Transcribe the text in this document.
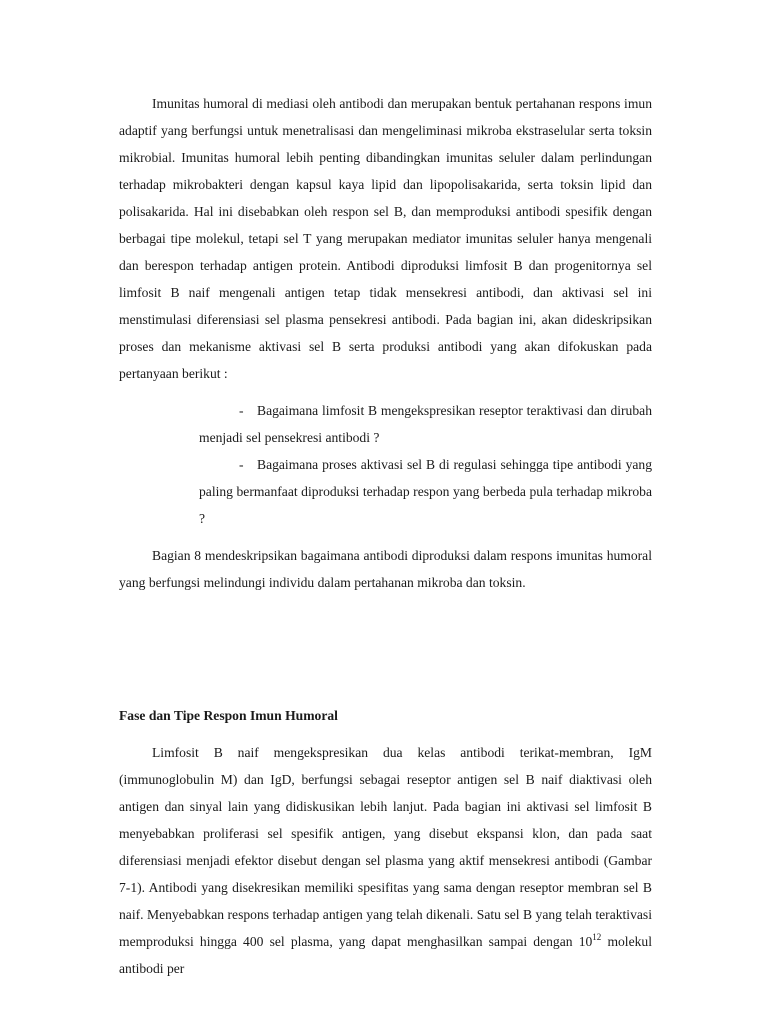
Imunitas humoral di mediasi oleh antibodi dan merupakan bentuk pertahanan respons imun adaptif yang berfungsi untuk menetralisasi dan mengeliminasi mikroba ekstraselular serta toksin mikrobial. Imunitas humoral lebih penting dibandingkan imunitas seluler dalam perlindungan terhadap mikrobakteri dengan kapsul kaya lipid dan lipopolisakarida, serta toksin lipid dan polisakarida. Hal ini disebabkan oleh respon sel B, dan memproduksi antibodi spesifik dengan berbagai tipe molekul, tetapi sel T yang merupakan mediator imunitas seluler hanya mengenali dan berespon terhadap antigen protein. Antibodi diproduksi limfosit B dan progenitornya sel limfosit B naif mengenali antigen tetap tidak mensekresi antibodi, dan aktivasi sel ini menstimulasi diferensiasi sel plasma pensekresi antibodi. Pada bagian ini, akan dideskripsikan proses dan mekanisme aktivasi sel B serta produksi antibodi yang akan difokuskan pada pertanyaan berikut :

- Bagaimana limfosit B mengekspresikan reseptor teraktivasi dan dirubah menjadi sel pensekresi antibodi ?

- Bagaimana proses aktivasi sel B di regulasi sehingga tipe antibodi yang paling bermanfaat diproduksi terhadap respon yang berbeda pula terhadap mikroba ?

Bagian 8 mendeskripsikan bagaimana antibodi diproduksi dalam respons imunitas humoral yang berfungsi melindungi individu dalam pertahanan mikroba dan toksin.

Fase dan Tipe Respon Imun Humoral

Limfosit B naif mengekspresikan dua kelas antibodi terikat-membran, IgM (immunoglobulin M) dan IgD, berfungsi sebagai reseptor antigen sel B naif diaktivasi oleh antigen dan sinyal lain yang didiskusikan lebih lanjut. Pada bagian ini aktivasi sel limfosit B menyebabkan proliferasi sel spesifik antigen, yang disebut ekspansi klon, dan pada saat diferensiasi menjadi efektor disebut dengan sel plasma yang aktif mensekresi antibodi (Gambar 7-1). Antibodi yang disekresikan memiliki spesifitas yang sama dengan reseptor membran sel B naif. Menyebabkan respons terhadap antigen yang telah dikenali. Satu sel B yang telah teraktivasi memproduksi hingga 400 sel plasma, yang dapat menghasilkan sampai dengan $10^{12}$ molekul antibodi per
